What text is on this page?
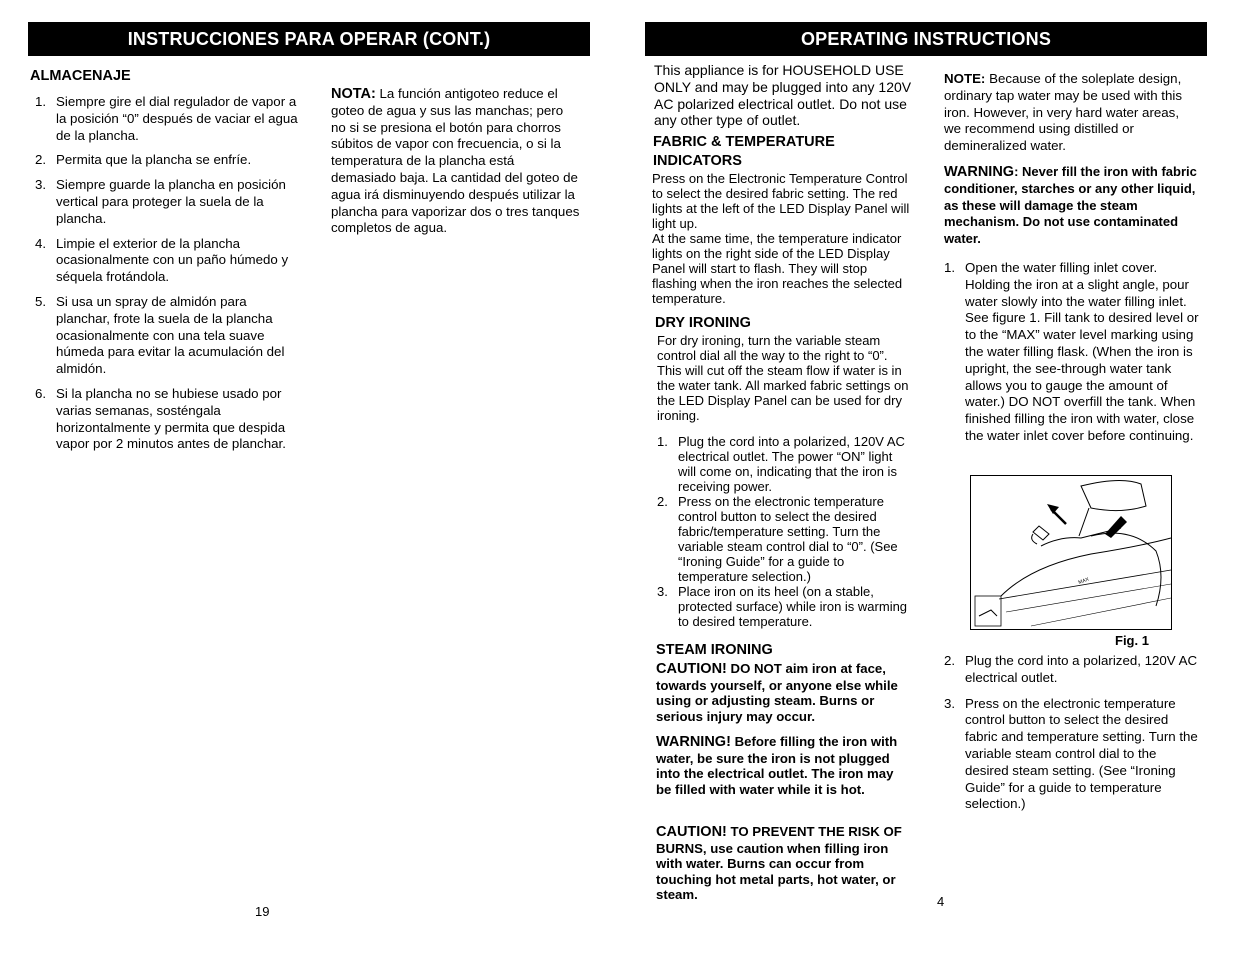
INSTRUCCIONES PARA OPERAR (CONT.)
ALMACENAJE
1. Siempre gire el dial regulador de vapor a la posición “0” después de vaciar el agua de la plancha.
2. Permita que la plancha se enfríe.
3. Siempre guarde la plancha en posición vertical para proteger la suela de la plancha.
4. Limpie el exterior de la plancha ocasionalmente con un paño húmedo y séquela frotándola.
5. Si usa un spray de almidón para planchar, frote la suela de la plancha ocasionalmente con una tela suave húmeda para evitar la acumulación del almidón.
6. Si la plancha no se hubiese usado por varias semanas, sosténgala horizontalmente y permita que despida vapor por 2 minutos antes de planchar.
NOTA: La función antigoteo reduce el goteo de agua y sus las manchas; pero no si se presiona el botón para chorros súbitos de vapor con frecuencia, o si la temperatura de la plancha está demasiado baja. La cantidad del goteo de agua irá disminuyendo después utilizar la plancha para vaporizar dos o tres tanques completos de agua.
19
OPERATING INSTRUCTIONS
This appliance is for HOUSEHOLD USE ONLY and may be plugged into any 120V AC polarized electrical outlet. Do not use any other type of outlet.
FABRIC & TEMPERATURE INDICATORS
Press on the Electronic Temperature Control to select the desired fabric setting. The red lights at the left of the LED Display Panel will light up.
At the same time, the temperature indicator lights on the right side of the LED Display Panel will start to flash. They will stop flashing when the iron reaches the selected temperature.
DRY IRONING
For dry ironing, turn the variable steam control dial all the way to the right to “0”. This will cut off the steam flow if water is in the water tank. All marked fabric settings on the LED Display Panel can be used for dry ironing.
1. Plug the cord into a polarized, 120V AC electrical outlet. The power “ON” light will come on, indicating that the iron is receiving power.
2. Press on the electronic temperature control button to select the desired fabric/temperature setting. Turn the variable steam control dial to “0”. (See “Ironing Guide” for a guide to temperature selection.)
3. Place iron on its heel (on a stable, protected surface) while iron is warming to desired temperature.
STEAM IRONING
CAUTION! DO NOT aim iron at face, towards yourself, or anyone else while using or adjusting steam. Burns or serious injury may occur.
WARNING! Before filling the iron with water, be sure the iron is not plugged into the electrical outlet. The iron may be filled with water while it is hot.
CAUTION! TO PREVENT THE RISK OF BURNS, use caution when filling iron with water. Burns can occur from touching hot metal parts, hot water, or steam.
NOTE: Because of the soleplate design, ordinary tap water may be used with this iron. However, in very hard water areas, we recommend using distilled or demineralized water.
WARNING: Never fill the iron with fabric conditioner, starches or any other liquid, as these will damage the steam mechanism. Do not use contaminated water.
1. Open the water filling inlet cover. Holding the iron at a slight angle, pour water slowly into the water filling inlet. See figure 1. Fill tank to desired level or to the “MAX” water level marking using the water filling flask. (When the iron is upright, the see-through water tank allows you to gauge the amount of water.) DO NOT overfill the tank. When finished filling the iron with water, close the water inlet cover before continuing.
MAX
Fig. 1
2. Plug the cord into a polarized, 120V AC electrical outlet.
3. Press on the electronic temperature control button to select the desired fabric and temperature setting. Turn the variable steam control dial to the desired steam setting. (See “Ironing Guide” for a guide to temperature selection.)
4
